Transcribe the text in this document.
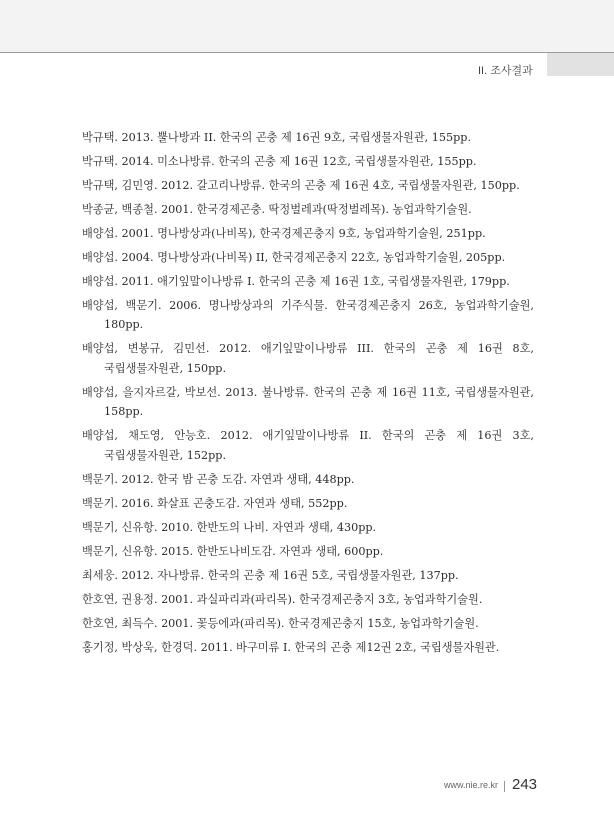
II. 조사결과
박규택. 2013. 뿔나방과 II. 한국의 곤충 제 16권 9호, 국립생물자원관, 155pp.
박규택. 2014. 미소나방류. 한국의 곤충 제 16권 12호, 국립생물자원관, 155pp.
박규택, 김민영. 2012. 갈고리나방류. 한국의 곤충 제 16권 4호, 국립생물자원관, 150pp.
박종균, 백종철. 2001. 한국경제곤충. 딱정벌레과(딱정벌레목). 농업과학기술원.
배양섭. 2001. 명나방상과(나비목), 한국경제곤충지 9호, 농업과학기술원, 251pp.
배양섭. 2004. 명나방상과(나비목) II, 한국경제곤충지 22호, 농업과학기술원, 205pp.
배양섭. 2011. 애기잎말이나방류 I. 한국의 곤충 제 16권 1호, 국립생물자원관, 179pp.
배양섭, 백문기. 2006. 명나방상과의 기주식물. 한국경제곤충지 26호, 농업과학기술원, 180pp.
배양섭, 변봉규, 김민선. 2012. 애기잎말이나방류 III. 한국의 곤충 제 16권 8호, 국립생물자원관, 150pp.
배양섭, 을지자르갈, 박보선. 2013. 불나방류. 한국의 곤충 제 16권 11호, 국립생물자원관, 158pp.
배양섭, 채도영, 안능호. 2012. 애기잎말이나방류 II. 한국의 곤충 제 16권 3호, 국립생물자원관, 152pp.
백문기. 2012. 한국 밤 곤충 도감. 자연과 생태, 448pp.
백문기. 2016. 화살표 곤충도감. 자연과 생태, 552pp.
백문기, 신유항. 2010. 한반도의 나비. 자연과 생태, 430pp.
백문기, 신유항. 2015. 한반도나비도감. 자연과 생태, 600pp.
최세웅. 2012. 자나방류. 한국의 곤충 제 16권 5호, 국립생물자원관, 137pp.
한호연, 권용정. 2001. 과실파리과(파리목). 한국경제곤충지 3호, 농업과학기술원.
한호연, 최득수. 2001. 꽃등에과(파리목). 한국경제곤충지 15호, 농업과학기술원.
홍기정, 박상욱, 한경덕. 2011. 바구미류 I. 한국의 곤충 제12권 2호, 국립생물자원관.
www.nie.re.kr 243
